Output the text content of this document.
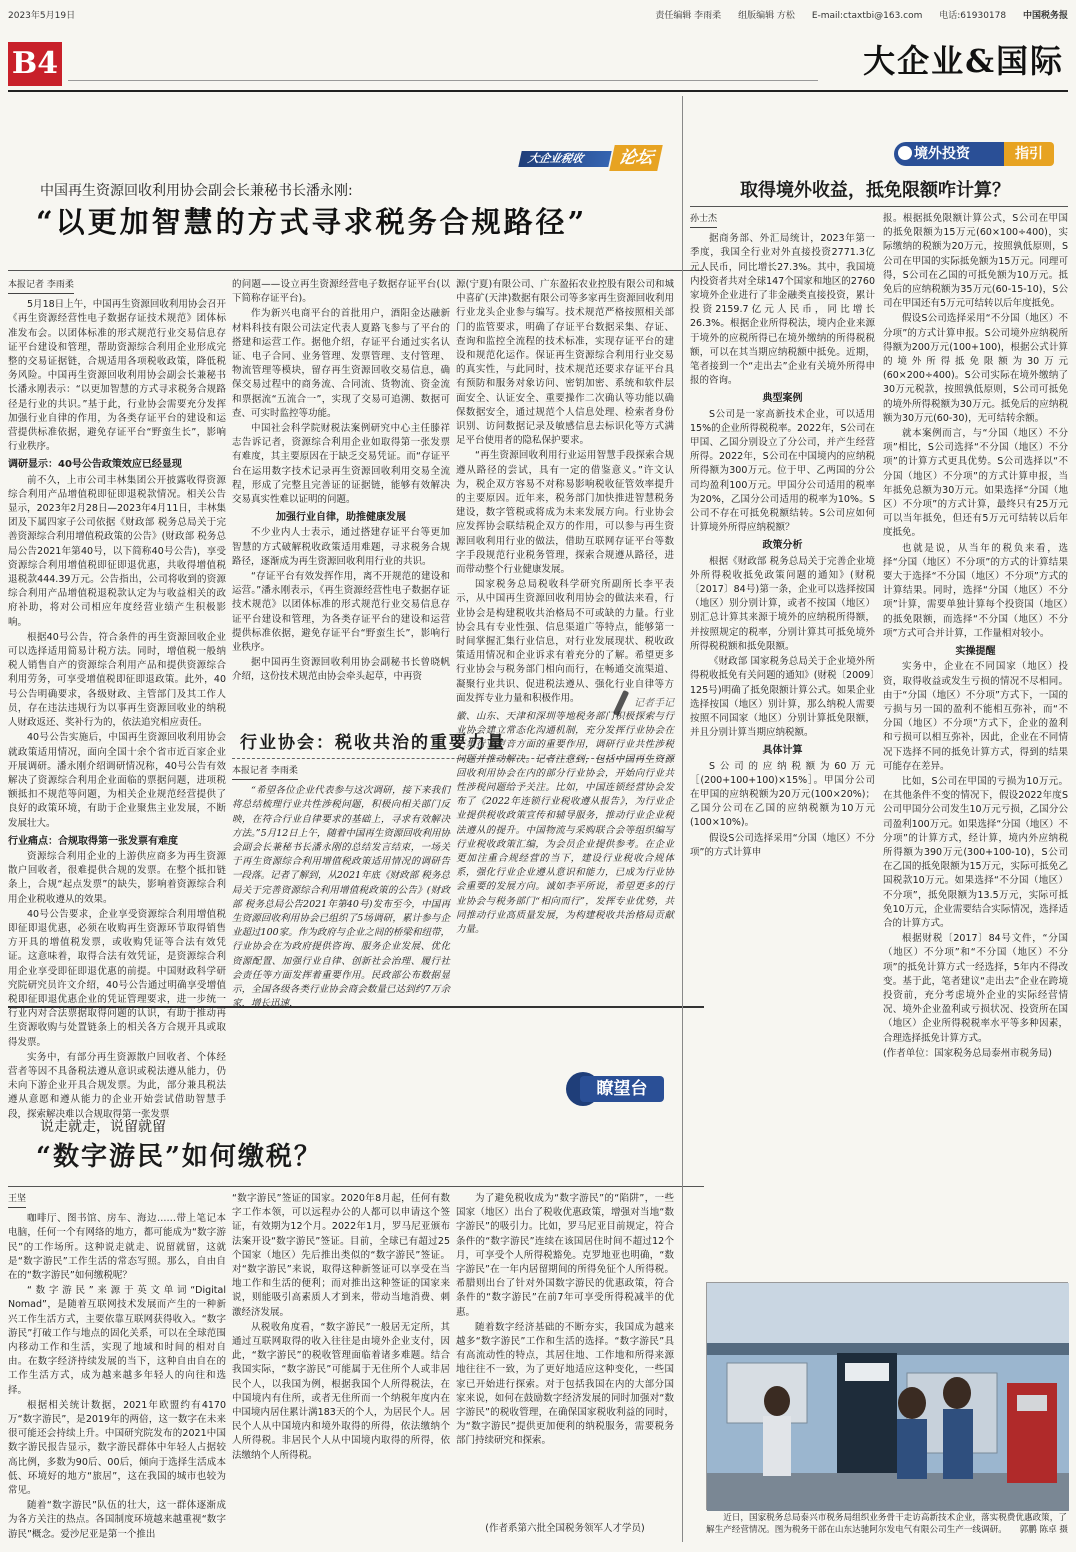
2023年5月19日	责任编辑 李雨柔 组版编辑 方松 E-mail:ctaxtbi@163.com 电话:61930178 中国税务报
B4	大企业&国际
大企业税收	论坛
中国再生资源回收利用协会副会长兼秘书长潘永刚:
“以更加智慧的方式寻求税务合规路径”
本报记者 李雨柔

5月18日上午，中国再生资源回收利用协会召开《再生资源经营性电子数据存证技术规范》团体标准发布会。以团体标准的形式规范行业交易信息存证平台建设和管理，帮助资源综合利用企业形成完整的交易证据链，合规适用各项税收政策，降低税务风险。中国再生资源回收利用协会副会长兼秘书长潘永刚表示：“以更加智慧的方式寻求税务合规路径是行业的共识。”基于此，行业协会需要充分发挥加强行业自律的作用，为各类存证平台的建设和运营提供标准依据，避免存证平台“野蛮生长”，影响行业秩序。

调研显示：40号公告政策效应已经显现

前不久，上市公司丰林集团公开披露收得资源综合利用产品增值税即征即退税款情况。相关公告显示，2023年2月28日—2023年4月11日，丰林集团及下属四家子公司依据《财政部 税务总局关于完善资源综合利用增值税政策的公告》(财政部 税务总局公告2021年第40号，以下简称40号公告)，享受资源综合利用增值税即征即退优惠，共收得增值税退税款444.39万元。公告指出，公司将收到的资源综合利用产品增值税退税款认定为与收益相关的政府补助，将对公司相应年度经营业绩产生积极影响。

根据40号公告，符合条件的再生资源回收企业可以选择适用简易计税方法。同时，增值税一般纳税人销售自产的资源综合利用产品和提供资源综合利用劳务，可享受增值税即征即退政策。此外，40号公告明确要求，各级财政、主管部门及其工作人员，存在违法违规行为以事再生资源回收业的纳税人财政返还、奖补行为的，依法追究相应责任。

40号公告实施后，中国再生资源回收利用协会就政策适用情况，面向全国十余个省市近百家企业开展调研。潘永刚介绍调研情况称，40号公告有效解决了资源综合利用企业面临的票据问题，进项税额抵扣不规范等问题，为相关企业规范经营提供了良好的政策环境，有助于企业聚焦主业发展，不断发展壮大。

行业痛点：合规取得第一张发票有难度

资源综合利用企业的上游供应商多为再生资源散户回收者，很难提供合规的发票。在整个抵扣链条上，合规“起点发票”的缺失，影响着资源综合利用企业税收遵从的效果。

40号公告要求，企业享受资源综合利用增值税即征即退优惠，必须在收购再生资源环节取得销售方开具的增值税发票，或收购凭证等合法有效凭证。这意味着，取得合法有效凭证，是资源综合利用企业享受即征即退优惠的前提。中国财政科学研究院研究员许文介绍，40号公告通过明确享受增值税即征即退优惠企业的凭证管理要求，进一步统一行业内对合法票据取得问题的认识，有助于推动再生资源收购与处置链条上的相关各方合规开具或取得发票。

实务中，有部分再生资源散户回收者、个体经营者等因不具备税法遵从意识或税法遵从能力，仍未向下游企业开具合规发票。为此，部分兼具税法遵从意愿和遵从能力的企业开始尝试借助智慧手段，探索解决难以合规取得第一张发票

的问题——设立再生资源经营电子数据存证平台(以下简称存证平台)。

作为新兴电商平台的首批用户，酒阳金达融新材料科技有限公司法定代表人夏路飞参与了平台的搭建和运营工作。据他介绍，存证平台通过实名认证、电子合同、业务管理、发票管理、支付管理、物流管理等模块，留存再生资源回收交易信息，确保交易过程中的商务流、合同流、货物流、资金流和票据流“五流合一”，实现了交易可追溯、数据可查、可实时监控等功能。

中国社会科学院财税法案例研究中心主任滕祥志告诉记者，资源综合利用企业如取得第一张发票有难度，其主要原因在于缺乏交易凭证。而“存证平台在运用数字技术记录再生资源回收利用交易全流程，形成了完整且完善证的证据链，能够有效解决交易真实性难以证明的问题。

加强行业自律，助推健康发展

不少业内人士表示，通过搭建存证平台等更加智慧的方式破解税收政策适用难题，寻求税务合规路径，逐渐成为再生资源回收利用行业的共识。

“存证平台有效发挥作用，离不开规范的建设和运营。”潘永刚表示，《再生资源经营性电子数据存证技术规范》以团体标准的形式规范行业交易信息存证平台建设和管理，为各类存证平台的建设和运营提供标准依据，避免存证平台“野蛮生长”，影响行业秩序。

据中国再生资源回收利用协会副秘书长曾晓帆介绍，这份技术规范由协会牵头起草，中再资

源(宁夏)有限公司、广东盈拓农业控股有限公司和城中喜矿(天津)数据有限公司等多家再生资源回收利用行业龙头企业参与编写。技术规范严格按照相关部门的监管要求，明确了存证平台数据采集、存证、查询和监控全流程的技术标准，实现存证平台的建设和规范化运作。保证再生资源综合利用行业交易的真实性，与此同时，技术规范还要求存证平台具有预防和服务对象访问、密钥加密、系统和软件层面安全、认证安全、重要操作二次确认等功能以确保数据安全，通过规范个人信息处理、检索者身份识别、访问数据记录及敏感信息去标识化等方式满足平台使用者的隐私保护要求。

“再生资源回收利用行业运用智慧手段探索合规遵从路径的尝试，具有一定的借鉴意义。”许文认为，税企双方容易不对称易影响税收征管效率提升的主要原因。近年来，税务部门加快推进智慧税务建设，数字管税或将成为未来发展方向。行业协会应发挥协会联结税企双方的作用，可以参与再生资源回收利用行业的做法，借助互联网存证平台等数字手段规范行业税务管理，探索合规遵从路径，进而带动整个行业健康发展。

国家税务总局税收科学研究所副所长李平表示，从中国再生资源回收利用协会的做法来看，行业协会是构建税收共治格局不可或缺的力量。行业协会具有专业性强、信息渠道广等特点，能够第一时间掌握汇集行业信息，对行业发展现状、税收政策适用情况和企业诉求有着充分的了解。希望更多行业协会与税务部门相向而行，在畅通交流渠道、凝聚行业共识、促进税法遵从、强化行业自律等方面发挥专业力量和积极作用。	记者手记
行业协会：税收共治的重要力量
本报记者 李雨柔

“希望各位企业代表参与这次调研，接下来我们将总结梳理行业共性涉税问题，积极向相关部门反映，在符合行业自律要求的基础上，寻求有效解决方法。”5月12日上午，随着中国再生资源回收利用协会副会长兼秘书长潘永刚的总结发言结束，一场关于再生资源综合利用增值税政策适用情况的调研告一段落。记者了解到，从2021年底《财政部 税务总局关于完善资源综合利用增值税政策的公告》(财政部 税务总局公告2021年第40号)发布至今，中国再生资源回收利用协会已组织了5场调研，累计参与企业超过100家。作为政府与企业之间的桥梁和纽带，行业协会在为政府提供咨询、服务企业发展、优化资源配置、加强行业自律、创新社会治理、履行社会责任等方面发挥着重要作用。民政部公布数据显示，全国各级各类行业协会商会数量已达到约7万余家，增长迅速，

徽、山东、天津和深圳等地税务部门积极探索与行业协会建立常态化沟通机制，充分发挥行业协会在汇集行业声音方面的重要作用，调研行业共性涉税问题并推动解决。记者注意到，包括中国再生资源回收利用协会在内的部分行业协会，开始向行业共性涉税问题给予关注。比如，中国连锁经营协会发布了《2022年连锁行业税收遵从报告》，为行业企业提供税收政策宣传和辅导服务，推动行业企业税法遵从的提升。中国物流与采购联合会等组织编写行业税收政策汇编，为会员企业提供参考。在企业更加注重合规经营的当下，建设行业税收合规体系，强化行业企业遵从意识和能力，已成为行业协会重要的发展方向。诚如李平所说，希望更多的行业协会与税务部门“相向而行”，发挥专业优势，共同推动行业高质量发展，为构建税收共治格局贡献力量。

瞭望台
说走就走，说留就留
“数字游民”如何缴税？
王坚

咖啡厅、图书馆、房车、海边……带上笔记本电脑，任何一个有网络的地方，都可能成为“数字游民”的工作场所。这种说走就走、说留就留，这就是“数字游民”工作生活的常态写照。那么，自由自在的“数字游民”如何缴税呢？

“数字游民”来源于英文单词“Digital Nomad”，是随着互联网技术发展而产生的一种新兴工作生活方式，主要依靠互联网获得收入。“数字游民”打破工作与地点的固化关系，可以在全球范围内移动工作和生活，实现了地域和时间的相对自由。在数字经济持续发展的当下，这种自由自在的工作生活方式，成为越来越多年轻人的向往和选择。

根据相关统计数据，2021年欧盟约有4170万“数字游民”，是2019年的两倍，这一数字在未来很可能还会持续上升。中国研究院发布的2021中国数字游民报告显示，数字游民群体中年轻人占据较高比例，多数为90后、00后，倾向于选择生活成本低、环境好的地方“旅居”，这在我国的城市也较为常见。

随着“数字游民”队伍的壮大，这一群体逐渐成为各方关注的热点。各国制度环境越来越重视“数字游民”概念。爱沙尼亚是第一个推出

“数字游民”签证的国家。2020年8月起，任何有数字工作本领，可以远程办公的人都可以申请这个签证，有效期为12个月。2022年1月，罗马尼亚颁布法案开设“数字游民”签证。目前，全球已有超过25个国家（地区）先后推出类似的“数字游民”签证。对“数字游民”来说，取得这种新签证可以享受在当地工作和生活的便利；而对推出这种签证的国家来说，则能吸引高素质人才到来，带动当地消费、刺激经济发展。

从税收角度看，“数字游民”一般居无定所，其通过互联网取得的收入往往是由境外企业支付，因此，“数字游民”的税收管理面临着诸多难题。结合我国实际，“数字游民”可能属于无住所个人或非居民个人，以我国为例，根据我国个人所得税法，在中国境内有住所，或者无住所而一个纳税年度内在中国境内居住累计满183天的个人，为居民个人。居民个人从中国境内和境外取得的所得，依法缴纳个人所得税。非居民个人从中国境内取得的所得，依法缴纳个人所得税。

为了避免税收成为“数字游民”的“陷阱”，一些国家（地区）出台了税收优惠政策，增强对当地“数字游民”的吸引力。比如，罗马尼亚目前规定，符合条件的“数字游民”连续在该国居住时间不超过12个月，可享受个人所得税豁免。克罗地亚也明确，“数字游民”在一年内居留期间的所得免征个人所得税。希腊则出台了针对外国数字游民的优惠政策，符合条件的“数字游民”在前7年可享受所得税减半的优惠。

随着数字经济基础的不断夯实，我国成为越来越多“数字游民”工作和生活的选择。“数字游民”具有高流动性的特点，其居住地、工作地和所得来源地往往不一致，为了更好地适应这种变化，一些国家已开始进行探索。对于包括我国在内的大部分国家来说，如何在鼓励数字经济发展的同时加强对“数字游民”的税收管理，在确保国家税收利益的同时，为“数字游民”提供更加便利的纳税服务，需要税务部门持续研究和探索。

(作者系第六批全国税务领军人才学员)
境外投资	指引
取得境外收益，抵免限额咋计算？
孙士杰

据商务部、外汇局统计，2023年第一季度，我国全行业对外直接投资2771.3亿元人民币，同比增长27.3%。其中，我国境内投资者共对全球147个国家和地区的2760家境外企业进行了非金融类直接投资，累计投资2159.7亿元人民币，同比增长26.3%。根据企业所得税法，境内企业来源于境外的应税所得已在境外缴纳的所得税税额，可以在其当期应纳税额中抵免。近期，笔者接到一个“走出去”企业有关境外所得申报的咨询。

典型案例

S公司是一家高新技术企业，可以适用15%的企业所得税税率。2022年，S公司在甲国、乙国分别设立了分公司，并产生经营所得。2022年，S公司在中国境内的应纳税所得额为300万元。位于甲、乙两国的分公司均盈利100万元。甲国分公司适用的税率为20%，乙国分公司适用的税率为10%。S公司不存在可抵免税额结转。S公司应如何计算境外所得应纳税额？

政策分析

根据《财政部 税务总局关于完善企业境外所得税收抵免政策问题的通知》(财税〔2017〕84号)第一条，企业可以选择按国（地区）别分别计算，或者不按国（地区）别汇总计算其来源于境外的应纳税所得额，并按照规定的税率，分别计算其可抵免境外所得税税额和抵免限额。

《财政部 国家税务总局关于企业境外所得税收抵免有关问题的通知》(财税〔2009〕125号)明确了抵免限额计算公式。如果企业选择按国（地区）别计算，那么纳税人需要按照不同国家（地区）分别计算抵免限额，并且分别计算当期应纳税额。

具体计算

S公司的应纳税额为60万元［(200+100+100)×15%］。甲国分公司在甲国的应纳税额为20万元(100×20%)；乙国分公司在乙国的应纳税额为10万元(100×10%)。

假设S公司选择采用“分国（地区）不分项”的方式计算申

报。根据抵免限额计算公式，S公司在甲国的抵免限额为15万元(60×100÷400)，实际缴纳的税额为20万元，按照孰低原则，S公司在甲国的实际抵免额为15万元。同理可得，S公司在乙国的可抵免额为10万元。抵免后的应纳税额为35万元(60-15-10)，S公司在甲国还有5万元可结转以后年度抵免。

假设S公司选择采用“不分国（地区）不分项”的方式计算申报。S公司境外应纳税所得额为200万元(100+100)，根据公式计算的境外所得抵免限额为30万元(60×200÷400)。S公司实际在境外缴纳了30万元税款，按照孰低原则，S公司可抵免的境外所得税额为30万元。抵免后的应纳税额为30万元(60-30)，无可结转余额。

就本案例而言，与“分国（地区）不分项”相比，S公司选择“不分国（地区）不分项”的计算方式更具优势。S公司选择以“不分国（地区）不分项”的方式计算申报，当年抵免总额为30万元。如果选择“分国（地区）不分项”的方式计算，最终只有25万元可以当年抵免，但还有5万元可结转以后年度抵免。

也就是说，从当年的税负来看，选择“分国（地区）不分项”的方式的计算结果要大于选择“不分国（地区）不分项”方式的计算结果。同时，选择“分国（地区）不分项”计算，需要单独计算每个投资国（地区）的抵免限额，而选择“不分国（地区）不分项”方式可合并计算，工作量相对较小。

实操提醒

实务中，企业在不同国家（地区）投资，取得收益或发生亏损的情况不尽相同。由于“分国（地区）不分项”方式下，一国的亏损与另一国的盈利不能相互弥补，而“不分国（地区）不分项”方式下，企业的盈利和亏损可以相互弥补，因此，企业在不同情况下选择不同的抵免计算方式，得到的结果可能存在差异。

比如，S公司在甲国的亏损为10万元。在其他条件不变的情况下，假设2022年度S公司甲国分公司发生10万元亏损，乙国分公司盈利100万元。如果选择“分国（地区）不分项”的计算方式，经计算，境内外应纳税所得额为390万元(300+100-10)，S公司在乙国的抵免限额为15万元，实际可抵免乙国税款10万元。如果选择“不分国（地区）不分项”，抵免限额为13.5万元，实际可抵免10万元，企业需要结合实际情况，选择适合的计算方式。

根据财税〔2017〕84号文件，“分国（地区）不分项”和“不分国（地区）不分项”的抵免计算方式一经选择，5年内不得改变。基于此，笔者建议“走出去”企业在跨境投资前，充分考虑境外企业的实际经营情况、境外企业盈利或亏损状况、投资所在国（地区）企业所得税税率水平等多种因素，合理选择抵免计算方式。

(作者单位：国家税务总局泰州市税务局)

近日，国家税务总局泰兴市税务局组织业务骨干走访高新技术企业，落实税费优惠政策，了解生产经营情况。图为税务干部在山东达驰阿尔发电气有限公司生产一线调研。 郭鹏 陈卓 摄
